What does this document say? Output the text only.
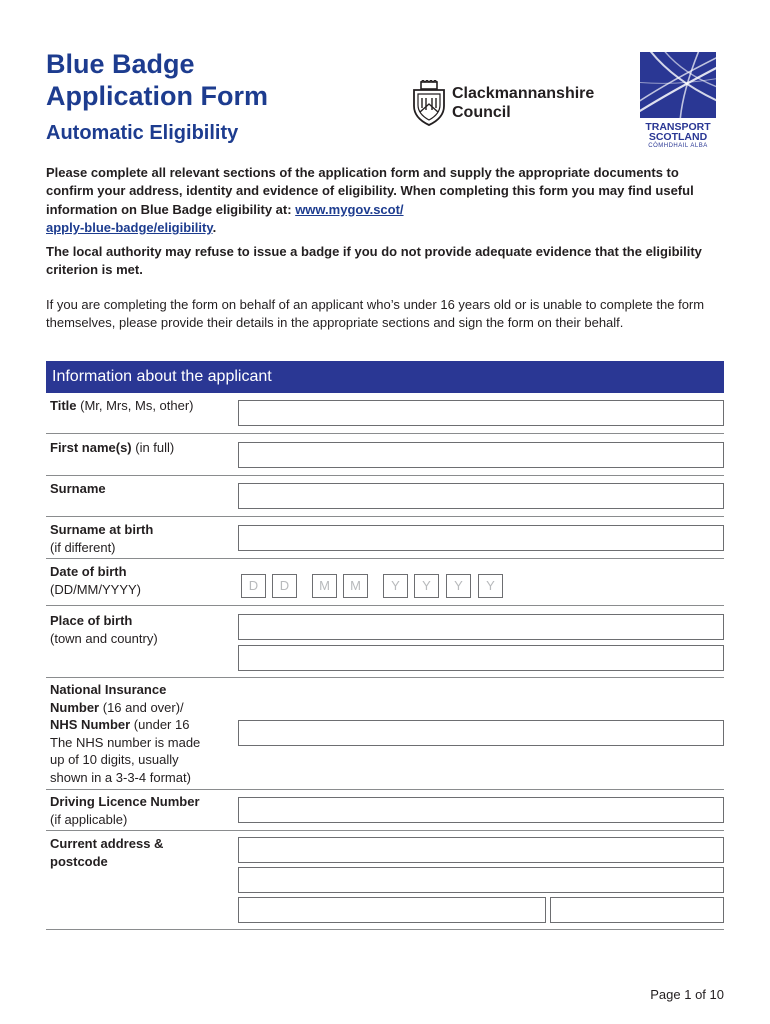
Blue Badge
Application Form
Automatic Eligibility
Clackmannanshire
Council
TRANSPORT
SCOTLAND
CÒMHDHAIL ALBA

Please complete all relevant sections of the application form and supply the appropriate documents to confirm your address, identity and evidence of eligibility. When completing this form you may find useful information on Blue Badge eligibility at: www.mygov.scot/
apply-blue-badge/eligibility.

The local authority may refuse to issue a badge if you do not provide adequate evidence that the eligibility criterion is met.

If you are completing the form on behalf of an applicant who’s under 16 years old or is unable to complete the form themselves, please provide their details in the appropriate sections and sign the form on their behalf.

Information about the applicant
Title (Mr, Mrs, Ms, other)
First name(s) (in full)
Surname
Surname at birth
(if different)
Date of birth
(DD/MM/YYYY)	D	D	M	M	Y	Y	Y	Y
Place of birth
(town and country)
National Insurance
Number (16 and over)/
NHS Number (under 16
The NHS number is made
up of 10 digits, usually
shown in a 3-3-4 format)
Driving Licence Number
(if applicable)
Current address &
postcode
Page 1 of 10
